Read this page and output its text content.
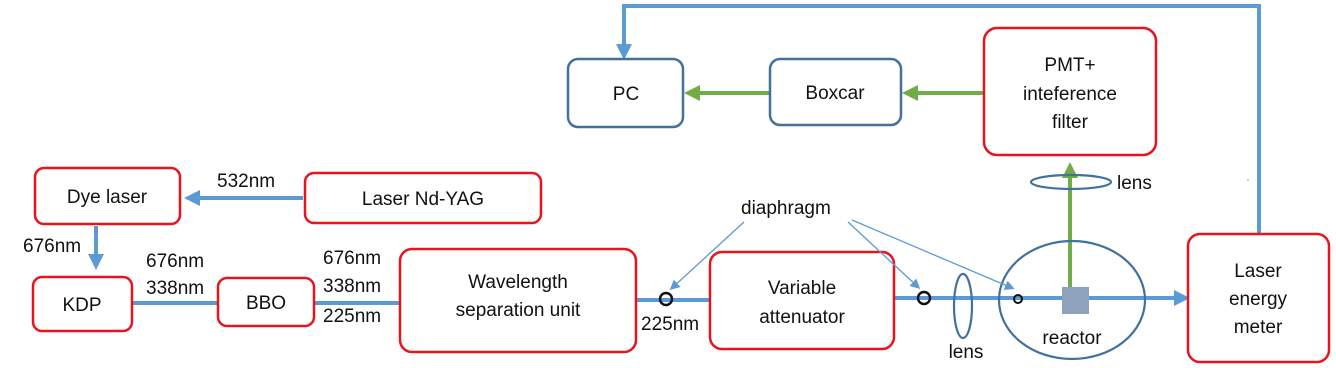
Dye laser	Laser Nd-YAG
KDP	BBO
Wavelength
separation unit
Variable
attenuator
Laser
energy
meter
PMT+
inteference
filter
PC	Boxcar
reactor
lens
lens
diaphragm
532nm
676nm
676nm
338nm
676nm
338nm
225nm	225nm
